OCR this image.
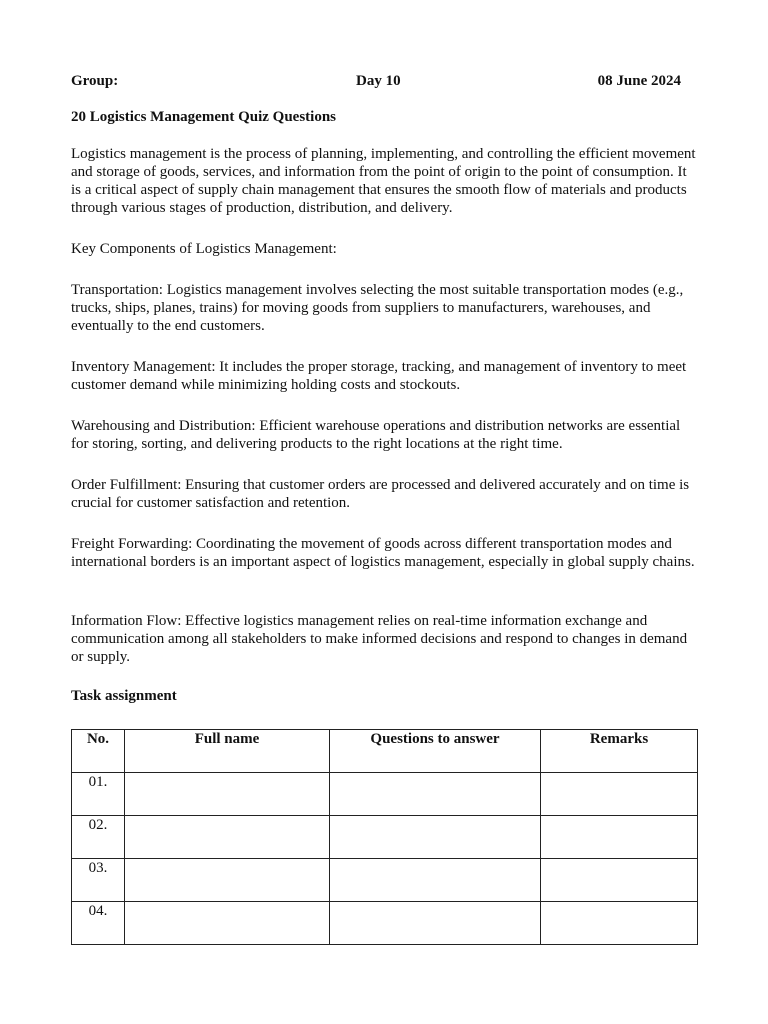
Group:	Day 10	08 June 2024
20 Logistics Management Quiz Questions

Logistics management is the process of planning, implementing, and controlling the efficient movement and storage of goods, services, and information from the point of origin to the point of consumption. It is a critical aspect of supply chain management that ensures the smooth flow of materials and products through various stages of production, distribution, and delivery.

Key Components of Logistics Management:

Transportation: Logistics management involves selecting the most suitable transportation modes (e.g., trucks, ships, planes, trains) for moving goods from suppliers to manufacturers, warehouses, and eventually to the end customers.

Inventory Management: It includes the proper storage, tracking, and management of inventory to meet customer demand while minimizing holding costs and stockouts.

Warehousing and Distribution: Efficient warehouse operations and distribution networks are essential for storing, sorting, and delivering products to the right locations at the right time.

Order Fulfillment: Ensuring that customer orders are processed and delivered accurately and on time is crucial for customer satisfaction and retention.

Freight Forwarding: Coordinating the movement of goods across different transportation modes and international borders is an important aspect of logistics management, especially in global supply chains.

Information Flow: Effective logistics management relies on real-time information exchange and communication among all stakeholders to make informed decisions and respond to changes in demand or supply.

Task assignment
No.	Full name	Questions to answer	Remarks
01.			
02.			
03.			
04.			
